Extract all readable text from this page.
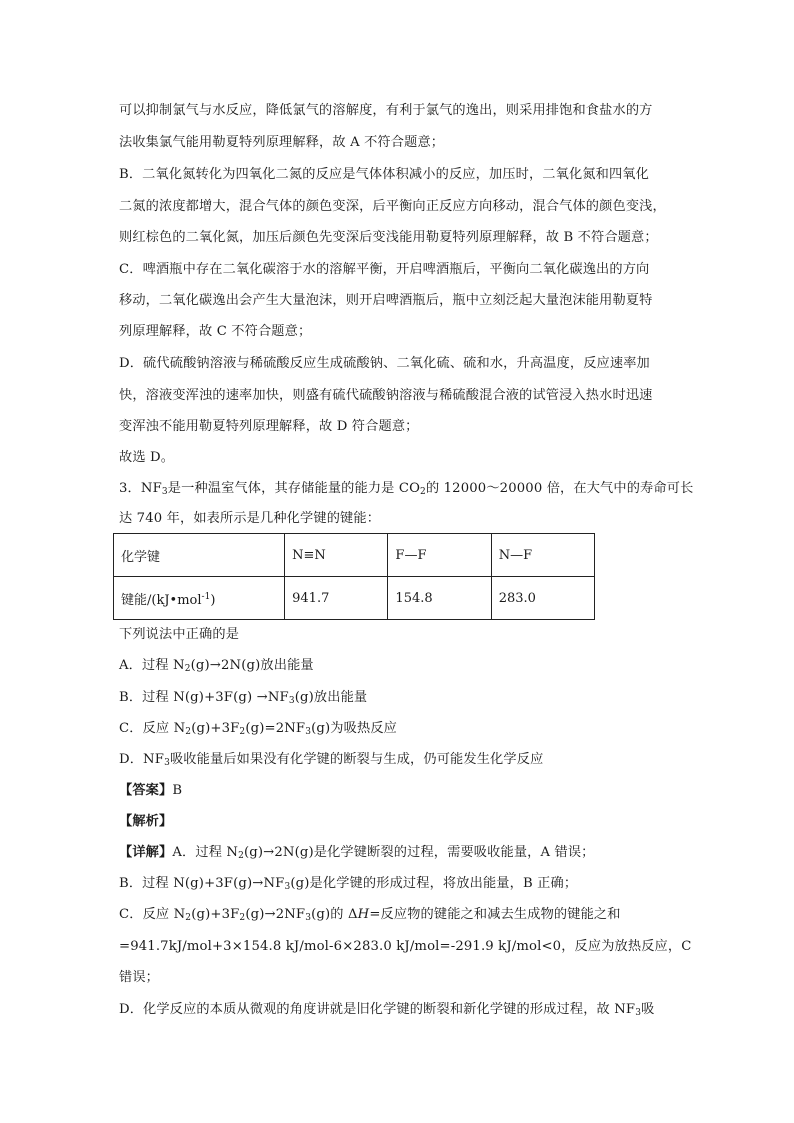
可以抑制氯气与水反应，降低氯气的溶解度，有利于氯气的逸出，则采用排饱和食盐水的方
法收集氯气能用勒夏特列原理解释，故 A 不符合题意；
B．二氧化氮转化为四氧化二氮的反应是气体体积减小的反应，加压时，二氧化氮和四氧化
二氮的浓度都增大，混合气体的颜色变深，后平衡向正反应方向移动，混合气体的颜色变浅，
则红棕色的二氧化氮，加压后颜色先变深后变浅能用勒夏特列原理解释，故 B 不符合题意；
C．啤酒瓶中存在二氧化碳溶于水的溶解平衡，开启啤酒瓶后，平衡向二氧化碳逸出的方向
移动，二氧化碳逸出会产生大量泡沫，则开启啤酒瓶后，瓶中立刻泛起大量泡沫能用勒夏特
列原理解释，故 C 不符合题意；
D．硫代硫酸钠溶液与稀硫酸反应生成硫酸钠、二氧化硫、硫和水，升高温度，反应速率加
快，溶液变浑浊的速率加快，则盛有硫代硫酸钠溶液与稀硫酸混合液的试管浸入热水时迅速
变浑浊不能用勒夏特列原理解释，故 D 符合题意；
故选 D。
3．$NF_3$是一种温室气体，其存储能量的能力是 $CO_2$的 12000～20000 倍，在大气中的寿命可长
达 740 年，如表所示是几种化学键的键能：
化学键	N≡N	F—F	N—F
键能/(kJ•mol$^{-1}$)	941.7	154.8	283.0
下列说法中正确的是
A．过程 $N_2(g)\to 2N(g)$放出能量
B．过程 $N(g)+3F(g) \to NF_3(g)$放出能量
C．反应 $N_2(g)+3F_2(g)=2NF_3(g)$为吸热反应
D．$NF_3$吸收能量后如果没有化学键的断裂与生成，仍可能发生化学反应
【答案】B
【解析】
【详解】A．过程 $N_2(g)\to 2N(g)$是化学键断裂的过程，需要吸收能量，A 错误；
B．过程 $N(g)+3F(g)\to NF_3(g)$是化学键的形成过程，将放出能量，B 正确；
C．反应 $N_2(g)+3F_2(g)\to 2NF_3(g)$的 ΔH=反应物的键能之和减去生成物的键能之和
=941.7kJ/mol+3×154.8 kJ/mol-6×283.0 kJ/mol=-291.9 kJ/mol<0，反应为放热反应，C
错误；
D．化学反应的本质从微观的角度讲就是旧化学键的断裂和新化学键的形成过程，故 $NF_3$吸
